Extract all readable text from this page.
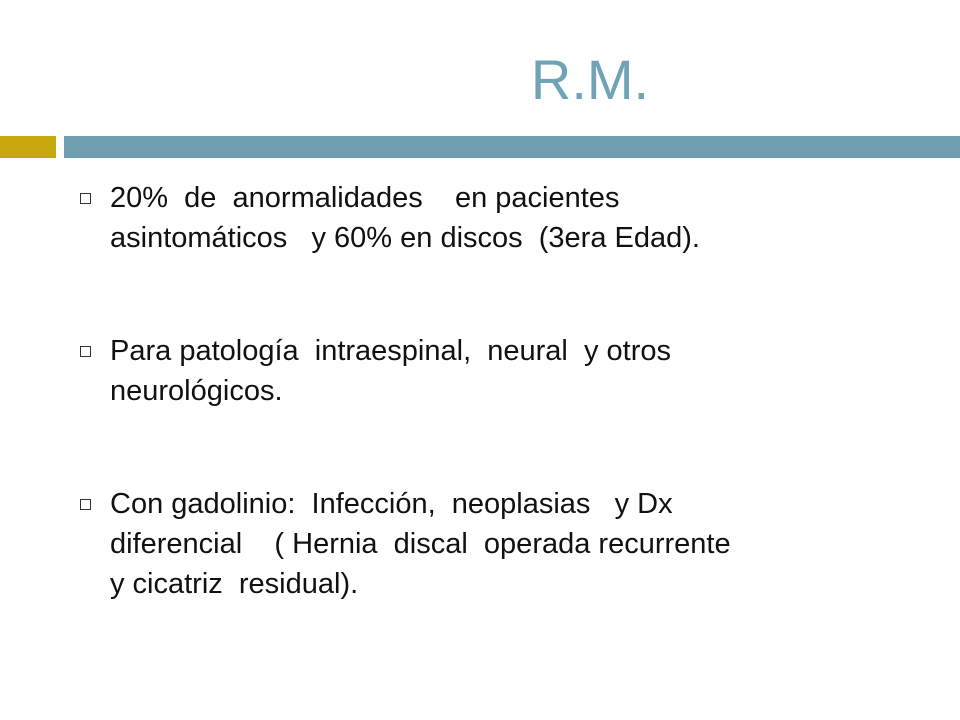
R.M.
20%  de  anormalidades    en pacientes
asintomáticos   y 60% en discos  (3era Edad).
Para patología  intraespinal,  neural  y otros
neurológicos.
Con gadolinio:  Infección,  neoplasias   y Dx
diferencial    ( Hernia  discal  operada recurrente
y cicatriz  residual).
